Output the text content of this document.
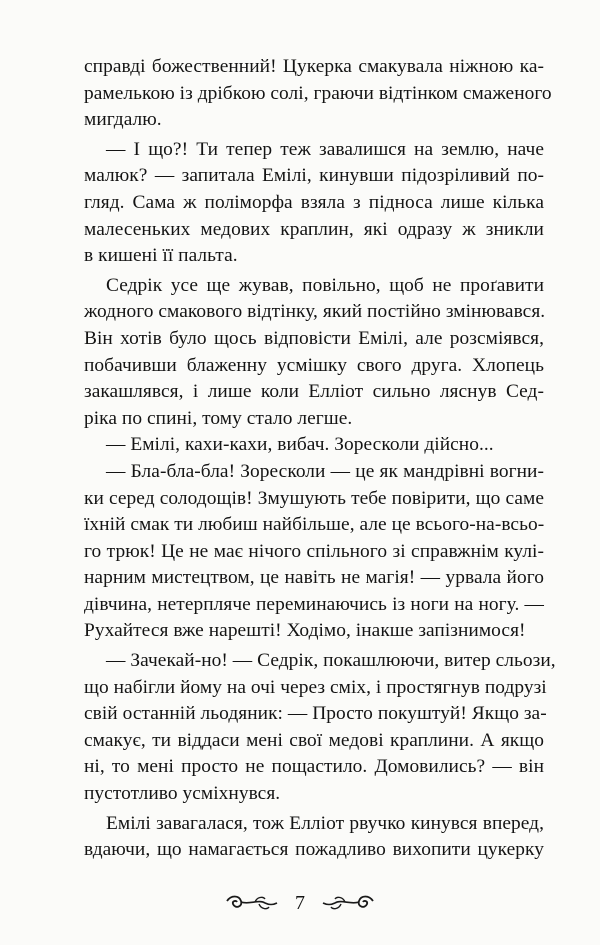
справді божественний! Цукерка смакувала ніжною ка-
рамелькою із дрібкою солі, граючи відтінком смаженого
мигдалю.
— І що?! Ти тепер теж завалишся на землю, наче
малюк? — запитала Емілі, кинувши підозріливий по-
гляд. Сама ж поліморфа взяла з підноса лише кілька
малесеньких медових краплин, які одразу ж зникли
в кишені її пальта.
Седрік усе ще жував, повільно, щоб не проґавити
жодного смакового відтінку, який постійно змінювався.
Він хотів було щось відповісти Емілі, але розсміявся,
побачивши блаженну усмішку свого друга. Хлопець
закашлявся, і лише коли Елліот сильно ляснув Сед-
ріка по спині, тому стало легше.
— Емілі, кахи-кахи, вибач. Зоресколи дійсно...
— Бла-бла-бла! Зоресколи — це як мандрівні вогни-
ки серед солодощів! Змушують тебе повірити, що саме
їхній смак ти любиш найбільше, але це всього-на-всьо-
го трюк! Це не має нічого спільного зі справжнім кулі-
нарним мистецтвом, це навіть не магія! — урвала його
дівчина, нетерпляче переминаючись із ноги на ногу. —
Рухайтеся вже нарешті! Ходімо, інакше запізнимося!
— Зачекай-но! — Седрік, покашлюючи, витер сльози,
що набігли йому на очі через сміх, і простягнув подрузі
свій останній льодяник: — Просто покуштуй! Якщо за-
смакує, ти віддаси мені свої медові краплини. А якщо
ні, то мені просто не пощастило. Домовились? — він
пустотливо усміхнувся.
Емілі завагалася, тож Елліот рвучко кинувся вперед,
вдаючи, що намагається пожадливо вихопити цукерку
7
